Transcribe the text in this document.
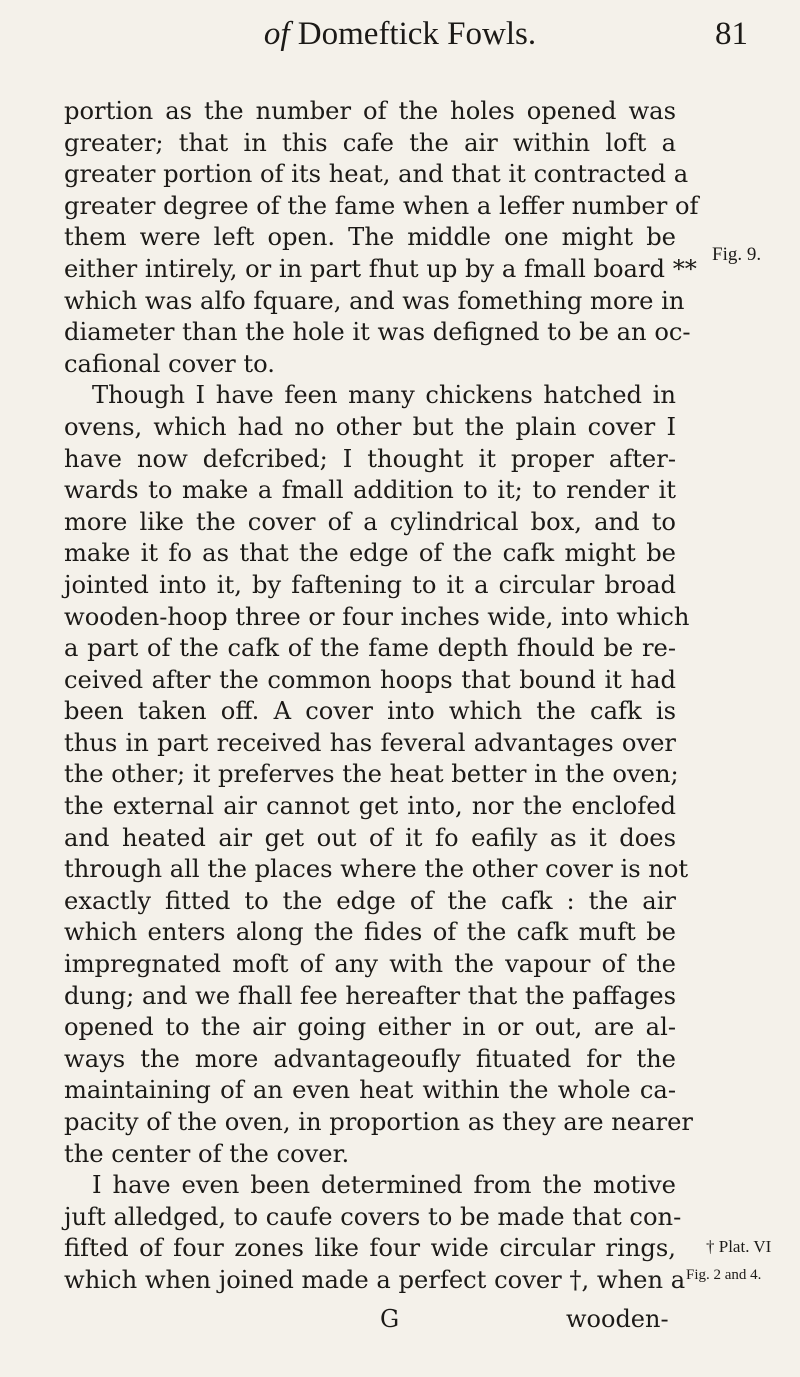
of Domeftick Fowls.	81
portion as the number of the holes opened was
greater; that in this cafe the air within loft a
greater portion of its heat, and that it contracted a
greater degree of the fame when a leffer number of
them were left open. The middle one might be
either intirely, or in part fhut up by a fmall board **
which was alfo fquare, and was fomething more in
diameter than the hole it was defigned to be an oc-
cafional cover to.
Though I have feen many chickens hatched in
ovens, which had no other but the plain cover I
have now defcribed; I thought it proper after-
wards to make a fmall addition to it; to render it
more like the cover of a cylindrical box, and to
make it fo as that the edge of the cafk might be
jointed into it, by faftening to it a circular broad
wooden-hoop three or four inches wide, into which
a part of the cafk of the fame depth fhould be re-
ceived after the common hoops that bound it had
been taken off. A cover into which the cafk is
thus in part received has feveral advantages over
the other; it preferves the heat better in the oven;
the external air cannot get into, nor the enclofed
and heated air get out of it fo eafily as it does
through all the places where the other cover is not
exactly fitted to the edge of the cafk : the air
which enters along the fides of the cafk muft be
impregnated moft of any with the vapour of the
dung; and we fhall fee hereafter that the paffages
opened to the air going either in or out, are al-
ways the more advantageoufly fituated for the
maintaining of an even heat within the whole ca-
pacity of the oven, in proportion as they are nearer
the center of the cover.
I have even been determined from the motive
juft alledged, to caufe covers to be made that con-
fifted of four zones like four wide circular rings,
which when joined made a perfect cover †, when a
Fig. 9.
† Plat. VI
Fig. 2 and 4.
G	wooden-
